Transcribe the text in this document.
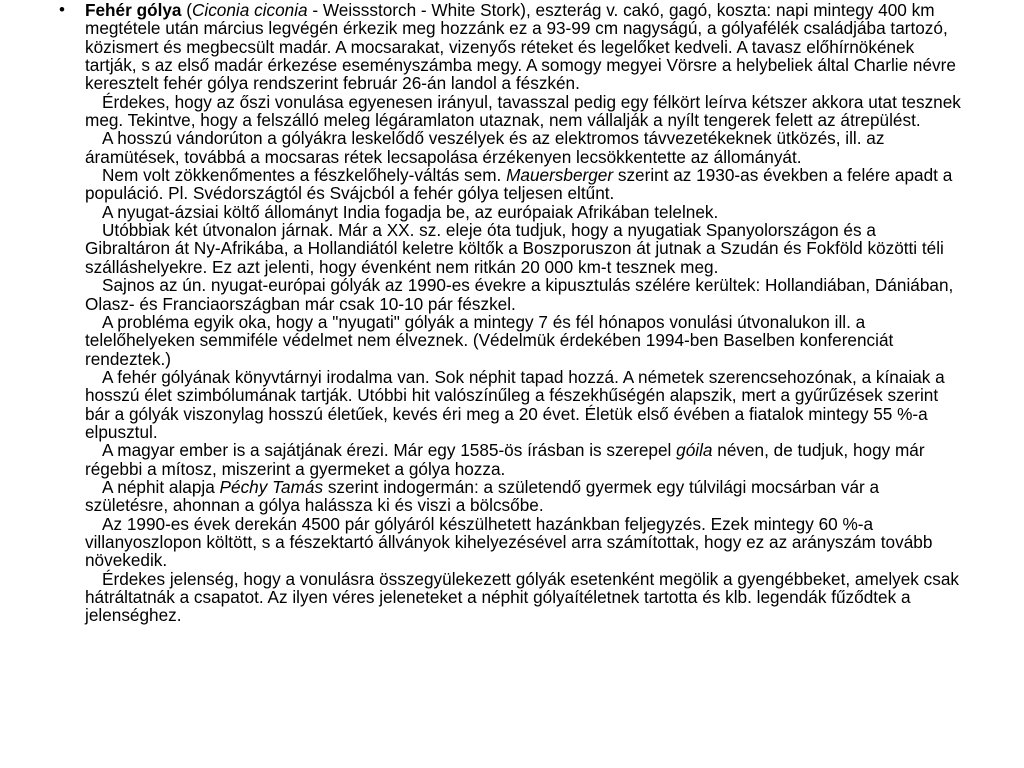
• Fehér gólya (Ciconia ciconia - Weissstorch - White Stork), eszterág v. cakó, gagó, koszta: napi mintegy 400 km megtétele után március legvégén érkezik meg hozzánk ez a 93-99 cm nagyságú, a gólyafélék családjába tartozó, közismert és megbecsült madár. A mocsarakat, vizenyős réteket és legelőket kedveli. A tavasz előhírnökének tartják, s az első madár érkezése eseményszámba megy. A somogy megyei Vörsre a helybeliek által Charlie névre keresztelt fehér gólya rendszerint február 26-án landol a fészkén.

Érdekes, hogy az őszi vonulása egyenesen irányul, tavasszal pedig egy félkört leírva kétszer akkora utat tesznek meg. Tekintve, hogy a felszálló meleg légáramlaton utaznak, nem vállalják a nyílt tengerek felett az átrepülést.

A hosszú vándorúton a gólyákra leskelődő veszélyek és az elektromos távvezetékeknek ütközés, ill. az áramütések, továbbá a mocsaras rétek lecsapolása érzékenyen lecsökkentette az állományát.

Nem volt zökkenőmentes a fészkelőhely-váltás sem. Mauersberger szerint az 1930-as években a felére apadt a populáció. Pl. Svédországtól és Svájcból a fehér gólya teljesen eltűnt.

A nyugat-ázsiai költő állományt India fogadja be, az európaiak Afrikában telelnek.

Utóbbiak két útvonalon járnak. Már a XX. sz. eleje óta tudjuk, hogy a nyugatiak Spanyolországon és a Gibraltáron át Ny-Afrikába, a Hollandiától keletre költők a Boszporuszon át jutnak a Szudán és Fokföld közötti téli szálláshelyekre. Ez azt jelenti, hogy évenként nem ritkán 20 000 km-t tesznek meg.

Sajnos az ún. nyugat-európai gólyák az 1990-es évekre a kipusztulás szélére kerültek: Hollandiában, Dániában, Olasz- és Franciaországban már csak 10-10 pár fészkel.

A probléma egyik oka, hogy a "nyugati" gólyák a mintegy 7 és fél hónapos vonulási útvonalukon ill. a telelőhelyeken semmiféle védelmet nem élveznek. (Védelmük érdekében 1994-ben Baselben konferenciát rendeztek.)

A fehér gólyának könyvtárnyi irodalma van. Sok néphit tapad hozzá. A németek szerencsehozónak, a kínaiak a hosszú élet szimbólumának tartják. Utóbbi hit valószínűleg a fészekhűségén alapszik, mert a gyűrűzések szerint bár a gólyák viszonylag hosszú életűek, kevés éri meg a 20 évet. Életük első évében a fiatalok mintegy 55 %-a elpusztul.

A magyar ember is a sajátjának érezi. Már egy 1585-ös írásban is szerepel góila néven, de tudjuk, hogy már régebbi a mítosz, miszerint a gyermeket a gólya hozza.

A néphit alapja Péchy Tamás szerint indogermán: a születendő gyermek egy túlvilági mocsárban vár a születésre, ahonnan a gólya halássza ki és viszi a bölcsőbe.

Az 1990-es évek derekán 4500 pár gólyáról készülhetett hazánkban feljegyzés. Ezek mintegy 60 %-a villanyoszlopon költött, s a fészektartó állványok kihelyezésével arra számítottak, hogy ez az arányszám tovább növekedik.

Érdekes jelenség, hogy a vonulásra összegyülekezett gólyák esetenként megölik a gyengébbeket, amelyek csak hátráltatnák a csapatot. Az ilyen véres jeleneteket a néphit gólyaítéletnek tartotta és klb. legendák fűződtek a jelenséghez.
